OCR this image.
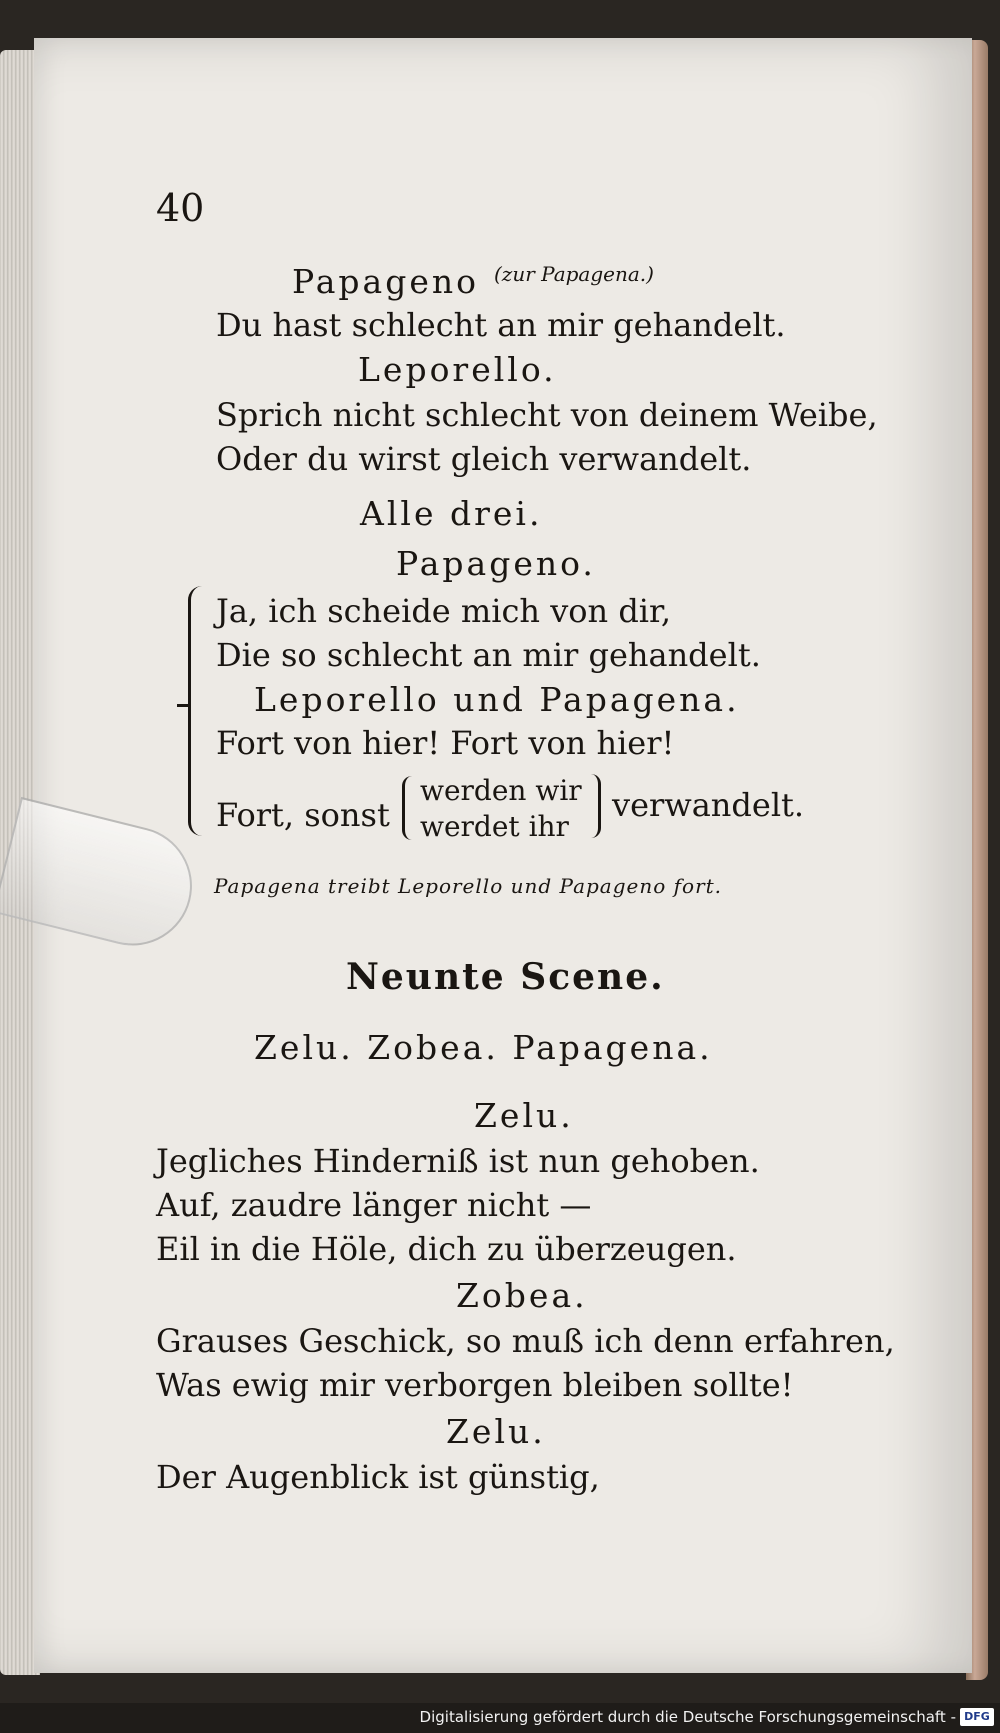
40
Papageno (zur Papagena.)
Du hast schlecht an mir gehandelt.
Leporello.
Sprich nicht schlecht von deinem Weibe,
Oder du wirst gleich verwandelt.
Alle drei.
Papageno.
Ja, ich scheide mich von dir,
Die so schlecht an mir gehandelt.
Leporello und Papagena.
Fort von hier! Fort von hier!
Fort, sonst
werden wir
werdet ihr
verwandelt.
Papagena treibt Leporello und Papageno fort.
Neunte Scene.
Zelu. Zobea. Papagena.
Zelu.
Jegliches Hinderniß ist nun gehoben.
Auf, zaudre länger nicht —
Eil in die Höle, dich zu überzeugen.
Zobea.
Grauses Geschick, so muß ich denn erfahren,
Was ewig mir verborgen bleiben sollte!
Zelu.
Der Augenblick ist günstig,
Digitalisierung gefördert durch die Deutsche Forschungsgemeinschaft - DFG
